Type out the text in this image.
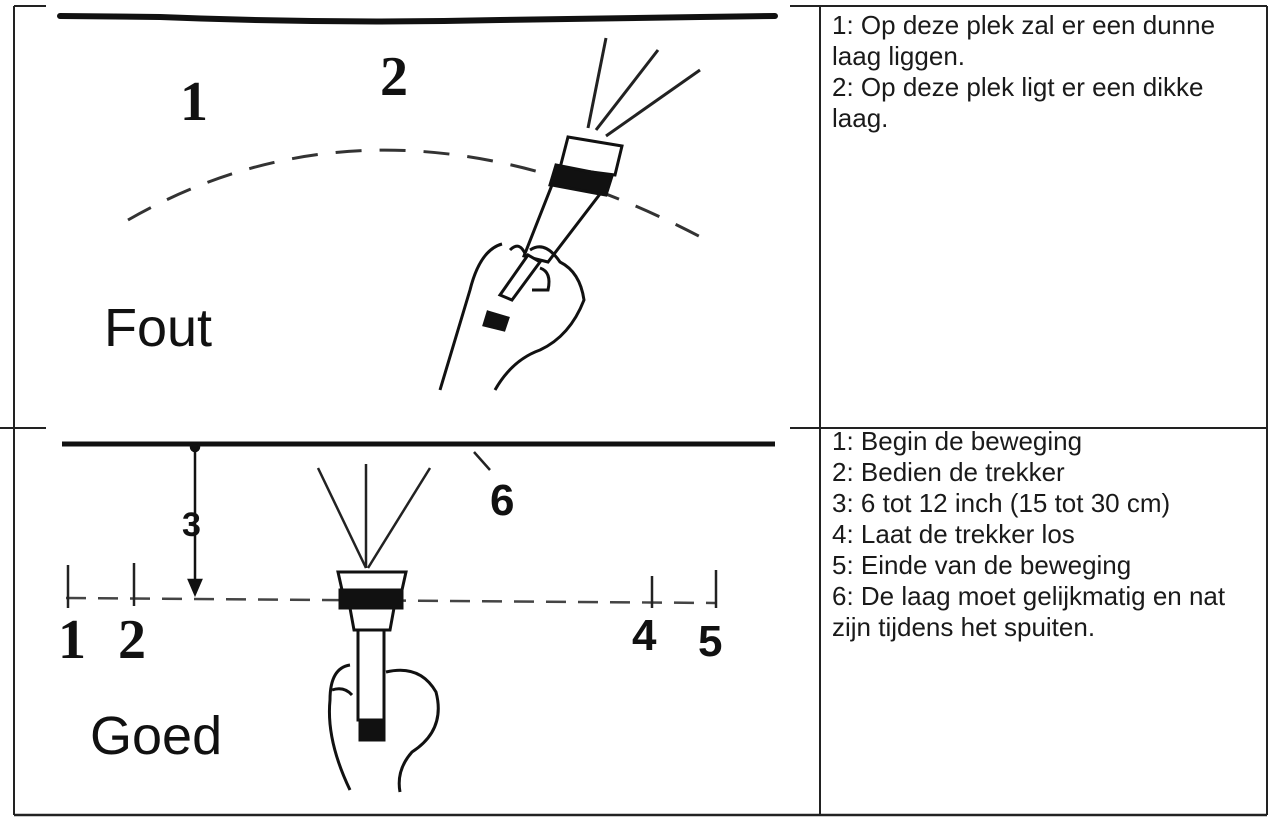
1	2
1 2
3
4 5
6
Fout
Goed
1: Op deze plek zal er een dunne laag liggen.
2: Op deze plek ligt er een dikke laag.
1: Begin de beweging
2: Bedien de trekker
3: 6 tot 12 inch (15 tot 30 cm)
4: Laat de trekker los
5: Einde van de beweging
6: De laag moet gelijkmatig en nat zijn tijdens het spuiten.
